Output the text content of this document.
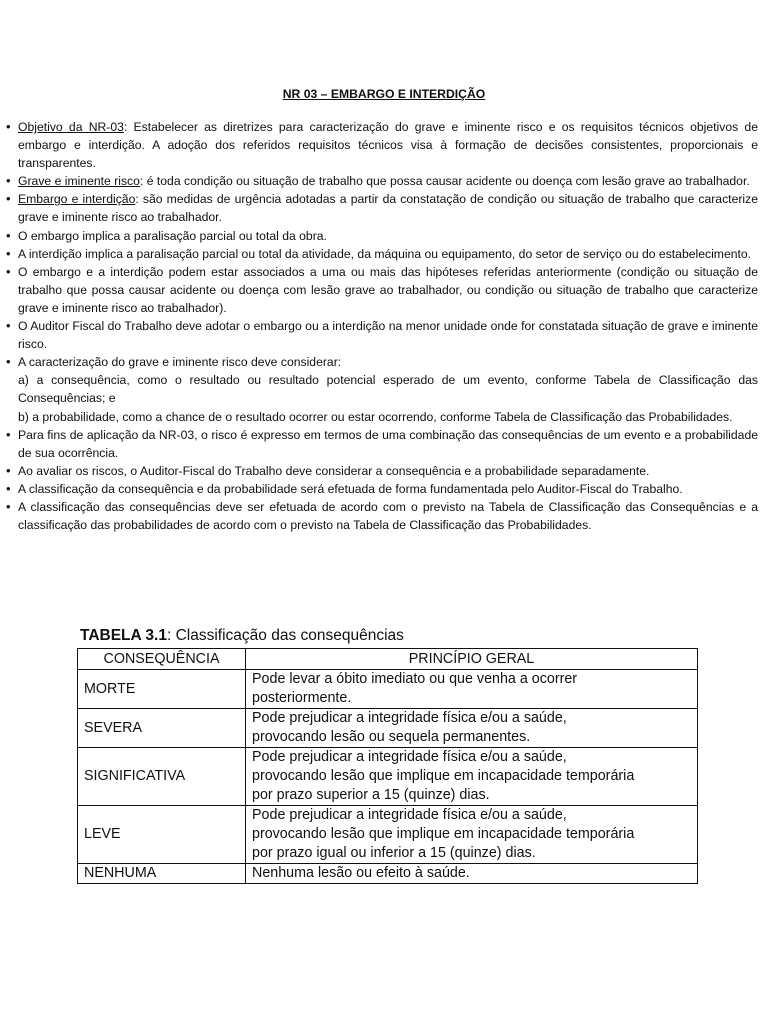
NR 03 – EMBARGO E INTERDIÇÃO
• Objetivo da NR-03: Estabelecer as diretrizes para caracterização do grave e iminente risco e os requisitos técnicos objetivos de embargo e interdição. A adoção dos referidos requisitos técnicos visa à formação de decisões consistentes, proporcionais e transparentes.
• Grave e iminente risco: é toda condição ou situação de trabalho que possa causar acidente ou doença com lesão grave ao trabalhador.
• Embargo e interdição: são medidas de urgência adotadas a partir da constatação de condição ou situação de trabalho que caracterize grave e iminente risco ao trabalhador.
• O embargo implica a paralisação parcial ou total da obra.
• A interdição implica a paralisação parcial ou total da atividade, da máquina ou equipamento, do setor de serviço ou do estabelecimento.
• O embargo e a interdição podem estar associados a uma ou mais das hipóteses referidas anteriormente (condição ou situação de trabalho que possa causar acidente ou doença com lesão grave ao trabalhador, ou condição ou situação de trabalho que caracterize grave e iminente risco ao trabalhador).
• O Auditor Fiscal do Trabalho deve adotar o embargo ou a interdição na menor unidade onde for constatada situação de grave e iminente risco.
• A caracterização do grave e iminente risco deve considerar:
a) a consequência, como o resultado ou resultado potencial esperado de um evento, conforme Tabela de Classificação das Consequências; e
b) a probabilidade, como a chance de o resultado ocorrer ou estar ocorrendo, conforme Tabela de Classificação das Probabilidades.
• Para fins de aplicação da NR-03, o risco é expresso em termos de uma combinação das consequências de um evento e a probabilidade de sua ocorrência.
• Ao avaliar os riscos, o Auditor-Fiscal do Trabalho deve considerar a consequência e a probabilidade separadamente.
• A classificação da consequência e da probabilidade será efetuada de forma fundamentada pelo Auditor-Fiscal do Trabalho.
• A classificação das consequências deve ser efetuada de acordo com o previsto na Tabela de Classificação das Consequências e a classificação das probabilidades de acordo com o previsto na Tabela de Classificação das Probabilidades.
TABELA 3.1: Classificação das consequências
CONSEQUÊNCIA	PRINCÍPIO GERAL
MORTE	Pode levar a óbito imediato ou que venha a ocorrer
posteriormente.

SEVERA	Pode prejudicar a integridade física e/ou a saúde,
provocando lesão ou sequela permanentes.

SIGNIFICATIVA	Pode prejudicar a integridade física e/ou a saúde,
provocando lesão que implique em incapacidade temporária
por prazo superior a 15 (quinze) dias.

LEVE	Pode prejudicar a integridade física e/ou a saúde,
provocando lesão que implique em incapacidade temporária
por prazo igual ou inferior a 15 (quinze) dias.

NENHUMA	Nenhuma lesão ou efeito à saúde.
